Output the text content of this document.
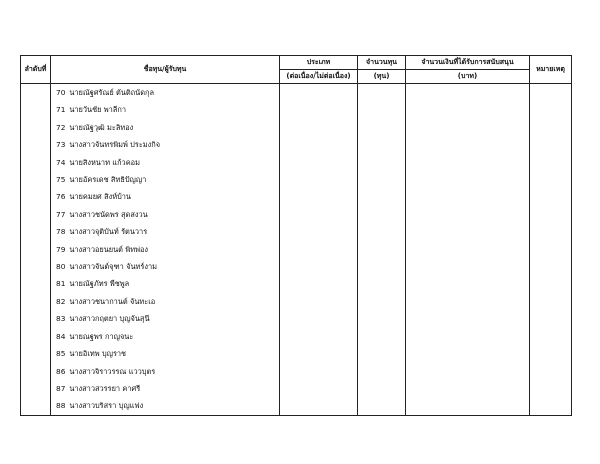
ลำดับที่	ชื่อทุน/ผู้รับทุน	ประเภท	จำนวนทุน	จำนวนเงินที่ได้รับการสนับสนุน	หมายเหตุ
		(ต่อเนื่อง/ไม่ต่อเนื่อง)	(ทุน)	(บาท)	
	70 นายณัฐศรัณย์ ตันติถนัดกุล				
	71 นายวันชัย พาลีกา				
	72 นายณัฐวุฒิ มะลิทอง				
	73 นางสาวจันทรพิมพ์ ประมงกิจ				
	74 นายสิงหนาท แก้วคอม				
	75 นายอัครเดช สิทธิปัญญา				
	76 นายคมยศ สิงห์บ้าน				
	77 นางสาวชนัดพร สุดสงวน				
	78 นางสาวจุติบันท์ รัตนวาร				
	79 นางสาวอยนยนต์ พิทพ่อง				
	80 นางสาวจันต์จุฑา จันทร์งาม				
	81 นายณัฐภัทร พืชพูล				
	82 นางสาวชนากานต์ จันทะเอ				
	83 นางสาวกฤตยา บุญจันสุนี				
	84 นายณฐพร กาญจนะ				
	85 นายอิเทพ บุญราช				
	86 นางสาวจิราวรรณ แววบุตร				
	87 นางสาวสวรรยา คาศรี				
	88 นางสาวบริสรา บุญแฟง				
